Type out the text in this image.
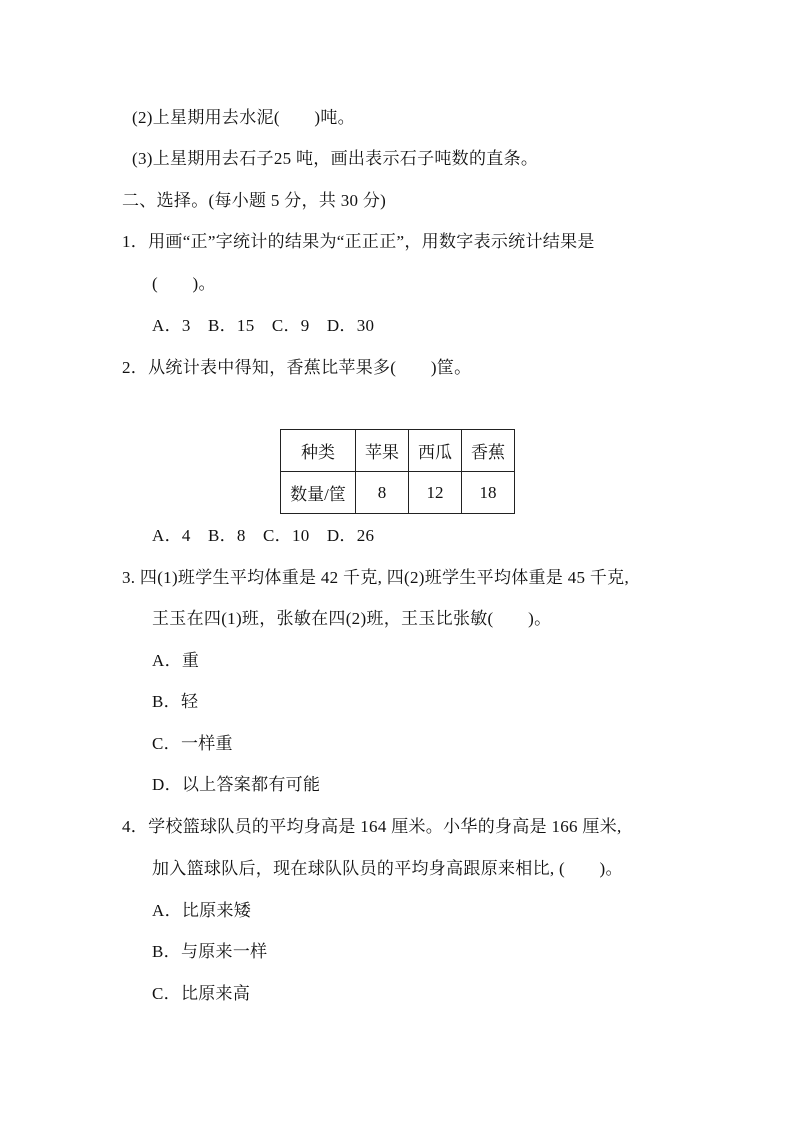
(2)上星期用去水泥(　　)吨。
(3)上星期用去石子25 吨，画出表示石子吨数的直条。
二、选择。(每小题 5 分，共 30 分)
1．用画“正”字统计的结果为“正正正”，用数字表示统计结果是
(　　)。
A．3　B．15　C．9　D．30
2．从统计表中得知，香蕉比苹果多(　　)筐。
种类	苹果	西瓜	香蕉
数量/筐	8	12	18
A．4　B．8　C．10　D．26
3. 四(1)班学生平均体重是 42 千克, 四(2)班学生平均体重是 45 千克,
王玉在四(1)班，张敏在四(2)班，王玉比张敏(　　)。
A．重
B．轻
C．一样重
D．以上答案都有可能
4．学校篮球队员的平均身高是 164 厘米。小华的身高是 166 厘米,
加入篮球队后，现在球队队员的平均身高跟原来相比, (　　)。
A．比原来矮
B．与原来一样
C．比原来高
